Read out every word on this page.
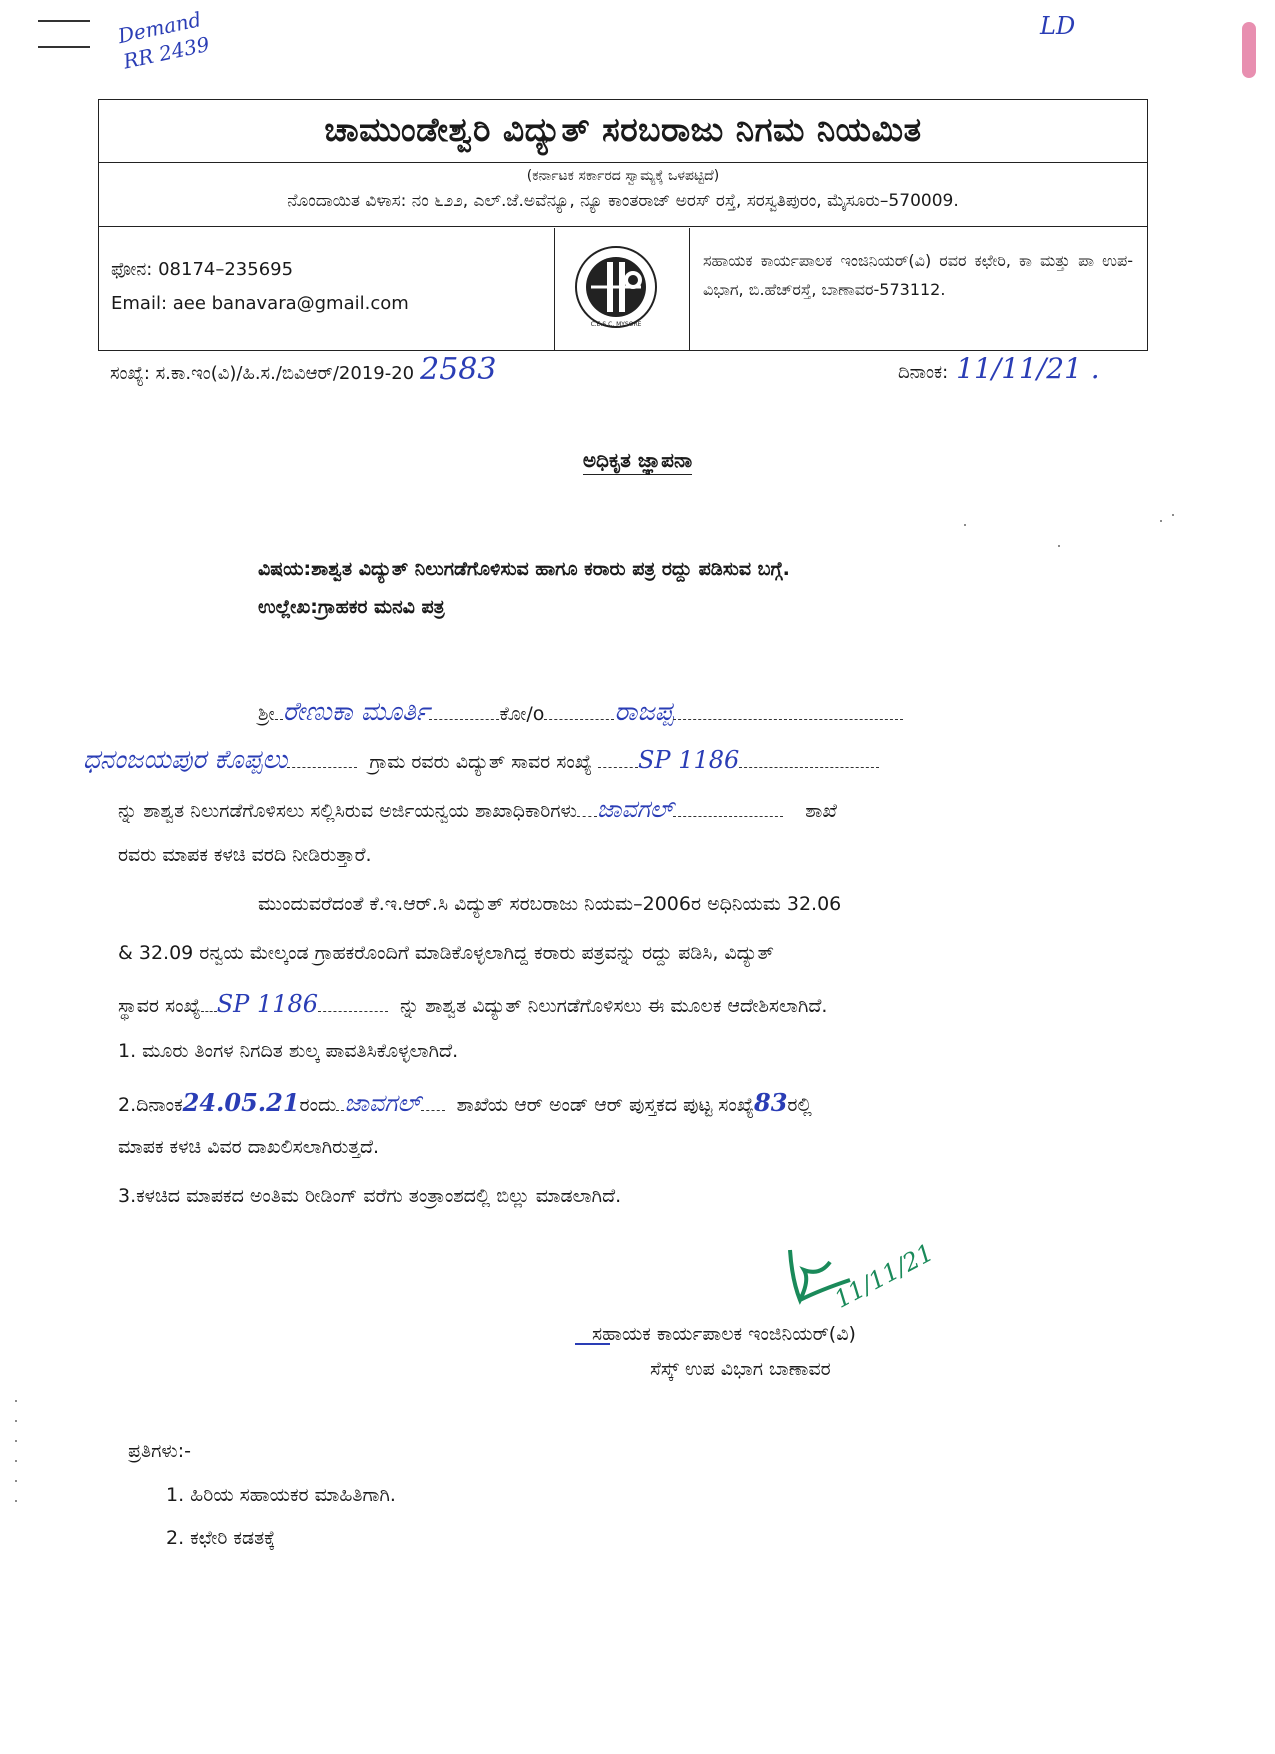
Demand
RR 2439
LD
ಚಾಮುಂಡೇಶ್ವರಿ ವಿದ್ಯುತ್ ಸರಬರಾಜು ನಿಗಮ ನಿಯಮಿತ
(ಕರ್ನಾಟಕ ಸರ್ಕಾರದ ಸ್ವಾಮ್ಯಕ್ಕೆ ಒಳಪಟ್ಟಿದೆ)
ನೊಂದಾಯಿತ ವಿಳಾಸ: ನಂ ೬೨೨, ಎಲ್.ಜೆ.ಅವೆನ್ಯೂ, ನ್ಯೂ ಕಾಂತರಾಜ್ ಅರಸ್ ರಸ್ತೆ, ಸರಸ್ವತಿಪುರಂ, ಮೈಸೂರು–570009.
ಫೋನ: 08174–235695
Email: aee banavara@gmail.com
C.E.S.C. MYSORE
ಸಹಾಯಕ ಕಾರ್ಯಪಾಲಕ ಇಂಜಿನಿಯರ್(ವಿ) ರವರ ಕಛೇರಿ, ಕಾ ಮತ್ತು ಪಾ ಉಪ-ವಿಭಾಗ, ಬಿ.ಹೆಚ್‌ರಸ್ತೆ, ಬಾಣಾವರ-573112.
ಸಂಖ್ಯೆ: ಸ.ಕಾ.ಇಂ(ವಿ)/ಹಿ.ಸ./ಬಿವಿಆರ್/2019-20 2583	ದಿನಾಂಕ: 11/11/21 .
ಅಧಿಕೃತ ಜ್ಞಾಪನಾ
ವಿಷಯ:ಶಾಶ್ವತ ವಿದ್ಯುತ್ ನಿಲುಗಡೆಗೊಳಿಸುವ ಹಾಗೂ ಕರಾರು ಪತ್ರ ರದ್ದು ಪಡಿಸುವ ಬಗ್ಗೆ.
ಉಲ್ಲೇಖ:ಗ್ರಾಹಕರ ಮನವಿ ಪತ್ರ
ಶ್ರೀ ರೇಣುಕಾ ಮೂರ್ತಿ	ಕೋ/o	ರಾಜಪ್ಪ
ಧನಂಜಯಪುರ ಕೊಪ್ಪಲು	ಗ್ರಾಮ ರವರು ವಿದ್ಯುತ್ ಸಾವರ ಸಂಖ್ಯೆ SP 1186
ನ್ನು ಶಾಶ್ವತ ನಿಲುಗಡೆಗೊಳಿಸಲು ಸಲ್ಲಿಸಿರುವ ಅರ್ಜಿಯನ್ವಯ ಶಾಖಾಧಿಕಾರಿಗಳು ಜಾವಗಲ್	ಶಾಖೆ
ರವರು ಮಾಪಕ ಕಳಚಿ ವರದಿ ನೀಡಿರುತ್ತಾರೆ.
ಮುಂದುವರೆದಂತೆ ಕೆ.ಇ.ಆರ್.ಸಿ ವಿದ್ಯುತ್ ಸರಬರಾಜು ನಿಯಮ–2006ರ ಅಧಿನಿಯಮ 32.06
& 32.09 ರನ್ವಯ ಮೇಲ್ಕಂಡ ಗ್ರಾಹಕರೊಂದಿಗೆ ಮಾಡಿಕೊಳ್ಳಲಾಗಿದ್ದ ಕರಾರು ಪತ್ರವನ್ನು ರದ್ದು ಪಡಿಸಿ, ವಿದ್ಯುತ್
ಸ್ಥಾವರ ಸಂಖ್ಯೆ SP 1186	ನ್ನು ಶಾಶ್ವತ ವಿದ್ಯುತ್ ನಿಲುಗಡೆಗೊಳಿಸಲು ಈ ಮೂಲಕ ಆದೇಶಿಸಲಾಗಿದೆ.
1. ಮೂರು ತಿಂಗಳ ನಿಗದಿತ ಶುಲ್ಕ ಪಾವತಿಸಿಕೊಳ್ಳಲಾಗಿದೆ.
2.ದಿನಾಂಕ24.05.21ರಂದು ಜಾವಗಲ್ ಶಾಖೆಯ ಆರ್ ಅಂಡ್ ಆರ್ ಪುಸ್ತಕದ ಪುಟ್ಟ ಸಂಖ್ಯೆ83ರಲ್ಲಿ
ಮಾಪಕ ಕಳಚಿ ವಿವರ ದಾಖಲಿಸಲಾಗಿರುತ್ತದೆ.
3.ಕಳಚಿದ ಮಾಪಕದ ಅಂತಿಮ ರೀಡಿಂಗ್ ವರೆಗು ತಂತ್ರಾಂಶದಲ್ಲಿ ಬಿಲ್ಲು ಮಾಡಲಾಗಿದೆ.
11/11/21
ಸಹಾಯಕ ಕಾರ್ಯಪಾಲಕ ಇಂಜಿನಿಯರ್(ವಿ)
ಸೆಸ್ಕ್ ಉಪ ವಿಭಾಗ ಬಾಣಾವರ
ಪ್ರತಿಗಳು:-
1. ಹಿರಿಯ ಸಹಾಯಕರ ಮಾಹಿತಿಗಾಗಿ.
2. ಕಛೇರಿ ಕಡತಕ್ಕೆ
